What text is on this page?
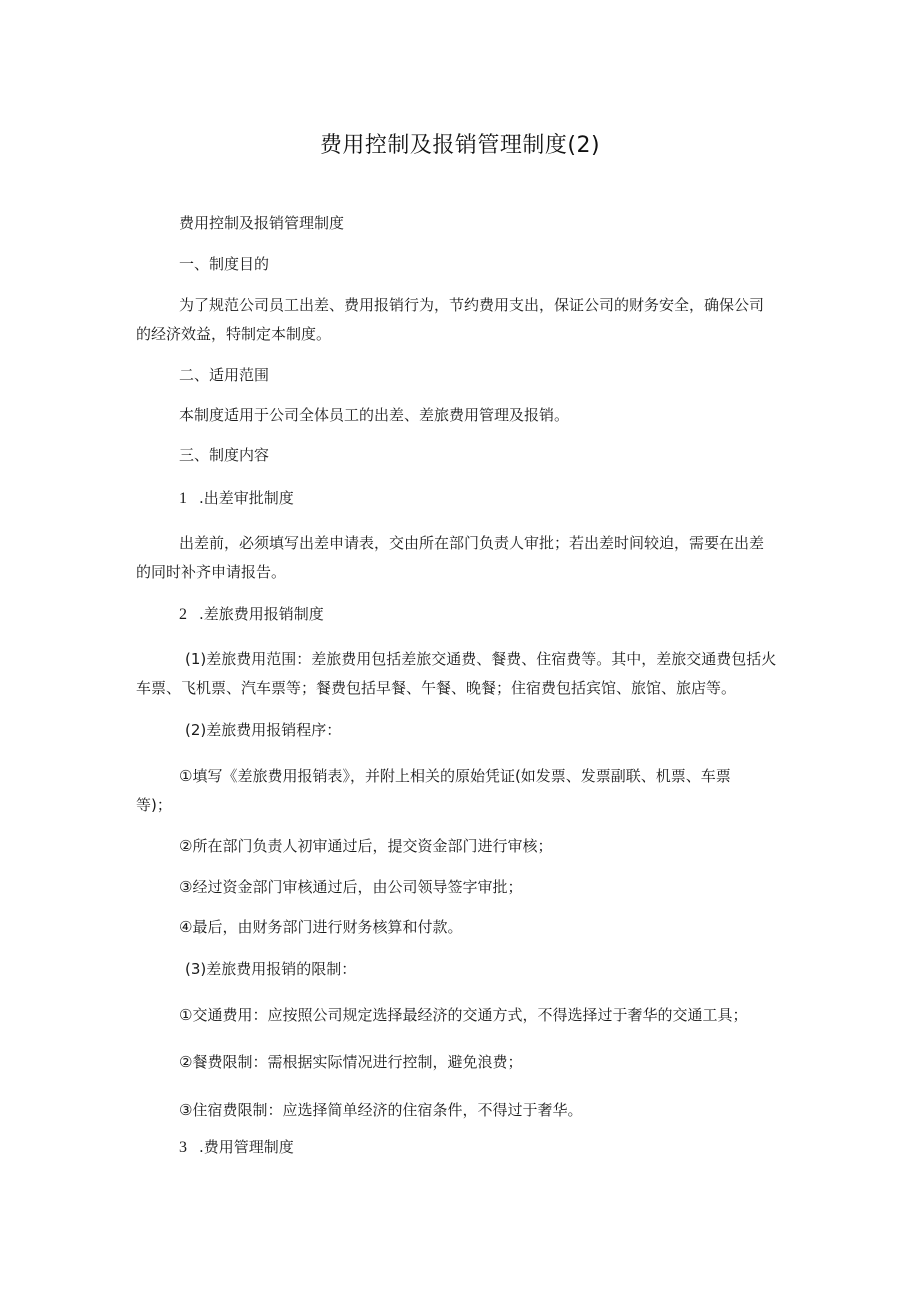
费用控制及报销管理制度(2)
费用控制及报销管理制度
一、制度目的
为了规范公司员工出差、费用报销行为，节约费用支出，保证公司的财务安全，确保公司
的经济效益，特制定本制度。
二、适用范围
本制度适用于公司全体员工的出差、差旅费用管理及报销。
三、制度内容
1 .出差审批制度
出差前，必须填写出差申请表，交由所在部门负责人审批；若出差时间较迫，需要在出差
的同时补齐申请报告。
2 .差旅费用报销制度
(1)差旅费用范围：差旅费用包括差旅交通费、餐费、住宿费等。其中，差旅交通费包括火
车票、飞机票、汽车票等；餐费包括早餐、午餐、晚餐；住宿费包括宾馆、旅馆、旅店等。
(2)差旅费用报销程序：
①填写《差旅费用报销表》，并附上相关的原始凭证(如发票、发票副联、机票、车票
等)；
②所在部门负责人初审通过后，提交资金部门进行审核；
③经过资金部门审核通过后，由公司领导签字审批；
④最后，由财务部门进行财务核算和付款。
(3)差旅费用报销的限制：
①交通费用：应按照公司规定选择最经济的交通方式，不得选择过于奢华的交通工具；
②餐费限制：需根据实际情况进行控制，避免浪费；
③住宿费限制：应选择简单经济的住宿条件，不得过于奢华。
3 .费用管理制度
